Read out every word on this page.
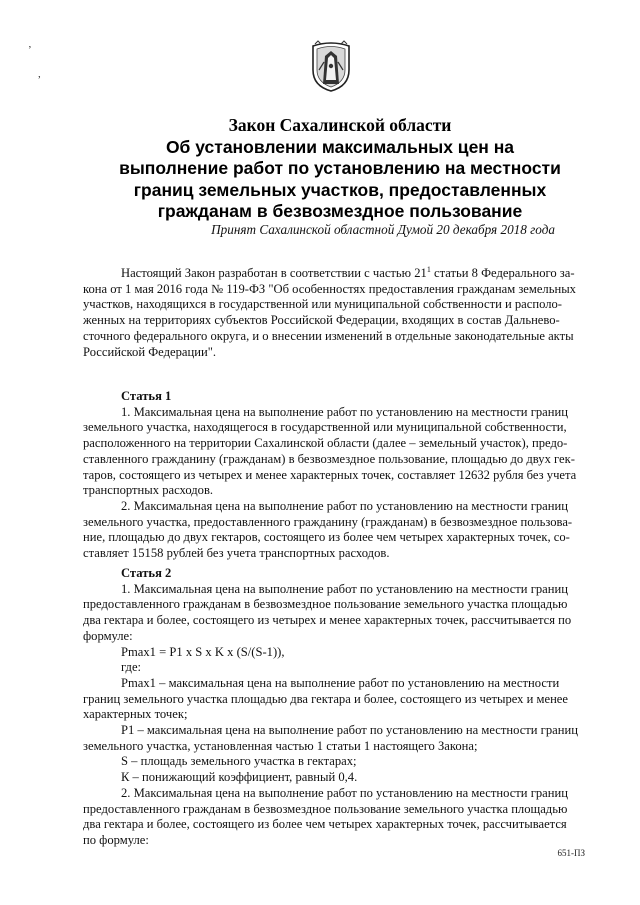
‚
,
Закон Сахалинской области
Об установлении максимальных цен на
выполнение работ по установлению на местности
границ земельных участков, предоставленных
гражданам в безвозмездное пользование
Принят Сахалинской областной Думой 20 декабря 2018 года
Настоящий Закон разработан в соответствии с частью $21^1$ статьи 8 Федерального за-
кона от 1 мая 2016 года № 119-ФЗ "Об особенностях предоставления гражданам земельных
участков, находящихся в государственной или муниципальной собственности и располо-
женных на территориях субъектов Российской Федерации, входящих в состав Дальнево-
сточного федерального округа, и о внесении изменений в отдельные законодательные акты
Российской Федерации".
Статья 1
1. Максимальная цена на выполнение работ по установлению на местности границ
земельного участка, находящегося в государственной или муниципальной собственности,
расположенного на территории Сахалинской области (далее – земельный участок), предо-
ставленного гражданину (гражданам) в безвозмездное пользование, площадью до двух гек-
таров, состоящего из четырех и менее характерных точек, составляет 12632 рубля без учета
транспортных расходов.
2. Максимальная цена на выполнение работ по установлению на местности границ
земельного участка, предоставленного гражданину (гражданам) в безвозмездное пользова-
ние, площадью до двух гектаров, состоящего из более чем четырех характерных точек, со-
ставляет 15158 рублей без учета транспортных расходов.
Статья 2
1. Максимальная цена на выполнение работ по установлению на местности границ
предоставленного гражданам в безвозмездное пользование земельного участка площадью
два гектара и более, состоящего из четырех и менее характерных точек, рассчитывается по
формуле:
Pmax1 = P1 x S x K x (S/(S-1)),
где:
Pmax1 – максимальная цена на выполнение работ по установлению на местности
границ земельного участка площадью два гектара и более, состоящего из четырех и менее
характерных точек;
P1 – максимальная цена на выполнение работ по установлению на местности границ
земельного участка, установленная частью 1 статьи 1 настоящего Закона;
S – площадь земельного участка в гектарах;
К – понижающий коэффициент, равный 0,4.
2. Максимальная цена на выполнение работ по установлению на местности границ
предоставленного гражданам в безвозмездное пользование земельного участка площадью
два гектара и более, состоящего из более чем четырех характерных точек, рассчитывается
по формуле:
651-ПЗ
